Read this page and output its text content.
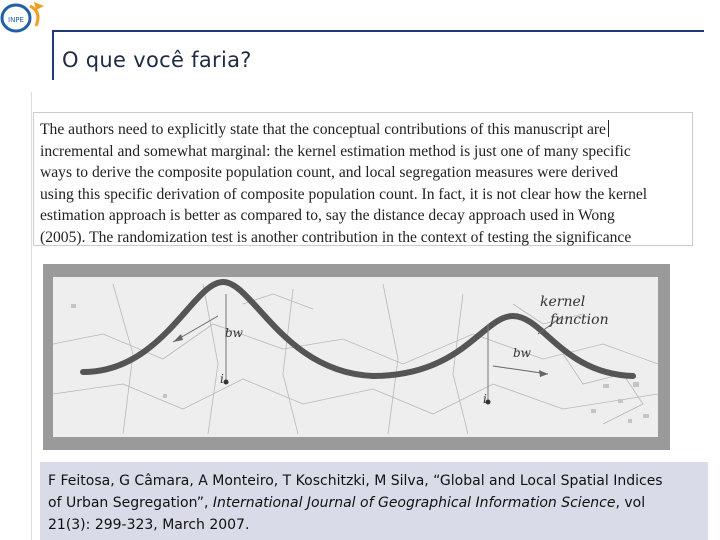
INPE
O que você faria?
The authors need to explicitly state that the conceptual contributions of this manuscript are
incremental and somewhat marginal: the kernel estimation method is just one of many specific
ways to derive the composite population count, and local segregation measures were derived
using this specific derivation of composite population count. In fact, it is not clear how the kernel
estimation approach is better as compared to, say the distance decay approach used in Wong
(2005). The randomization test is another contribution in the context of testing the significance
kernel
function
bw
bw
i
i
F Feitosa, G Câmara, A Monteiro, T Koschitzki, M Silva, “Global and Local Spatial Indices
of Urban Segregation”, International Journal of Geographical Information Science, vol
21(3): 299-323, March 2007.
